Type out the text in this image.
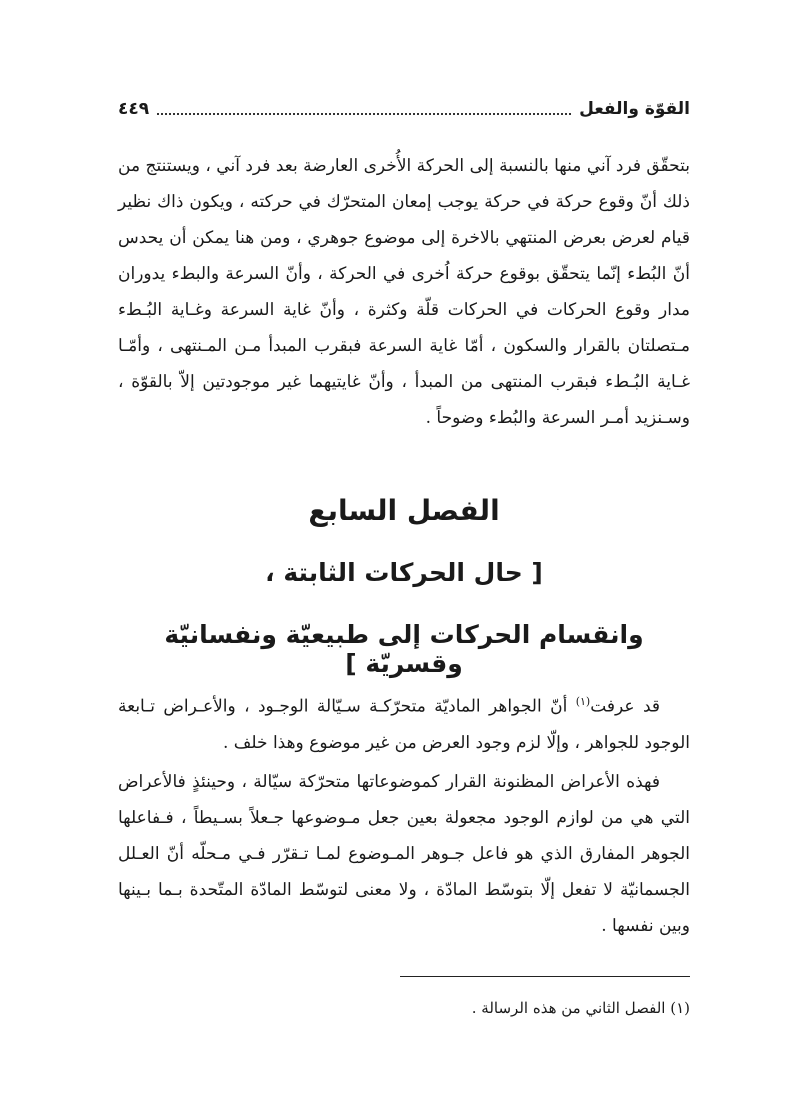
القوّة والفعل
٤٤٩

بتحقّق فرد آني منها بالنسبة إلى الحركة الأُخرى العارضة بعد فرد آني ، ويستنتج من ذلك أنّ وقوع حركة في حركة يوجب إمعان المتحرّك في حركته ، ويكون ذاك نظير قيام لعرض بعرض المنتهي بالاخرة إلى موضوع جوهري ، ومن هنا يمكن أن يحدس أنّ البُطء إنّما يتحقّق بوقوع حركة اُخرى في الحركة ، وأنّ السرعة والبطء يدوران مدار وقوع الحركات في الحركات قلّة وكثرة ، وأنّ غاية السرعة وغـاية البُـطء مـتصلتان بالقرار والسكون ، أمّا غاية السرعة فبقرب المبدأ مـن المـنتهى ، وأمّـا غـاية البُـطء فبقرب المنتهى من المبدأ ، وأنّ غايتيهما غير موجودتين إلاّ بالقوّة ، وسـنزيد أمـر السرعة والبُطء وضوحاً .

الفصل السابع
[ حال الحركات الثابتة ،
وانقسام الحركات إلى طبيعيّة ونفسانيّة وقسريّة ]

قد عرفت$^{(١)}$ أنّ الجواهر الماديّة متحرّكـة سـيّالة الوجـود ، والأعـراض تـابعة الوجود للجواهر ، وإلّا لزم وجود العرض من غير موضوع وهذا خلف .

فهذه الأعراض المظنونة القرار كموضوعاتها متحرّكة سيّالة ، وحينئذٍ فالأعراض التي هي من لوازم الوجود مجعولة بعين جعل مـوضوعها جـعلاً بسـيطاً ، فـفاعلها الجوهر المفارق الذي هو فاعل جـوهر المـوضوع لمـا تـقرّر فـي مـحلّه أنّ العـلل الجسمانيّة لا تفعل إلّا بتوسّط المادّة ، ولا معنى لتوسّط المادّة المتّحدة بـما بـينها وبين نفسها .

(١) الفصل الثاني من هذه الرسالة .
